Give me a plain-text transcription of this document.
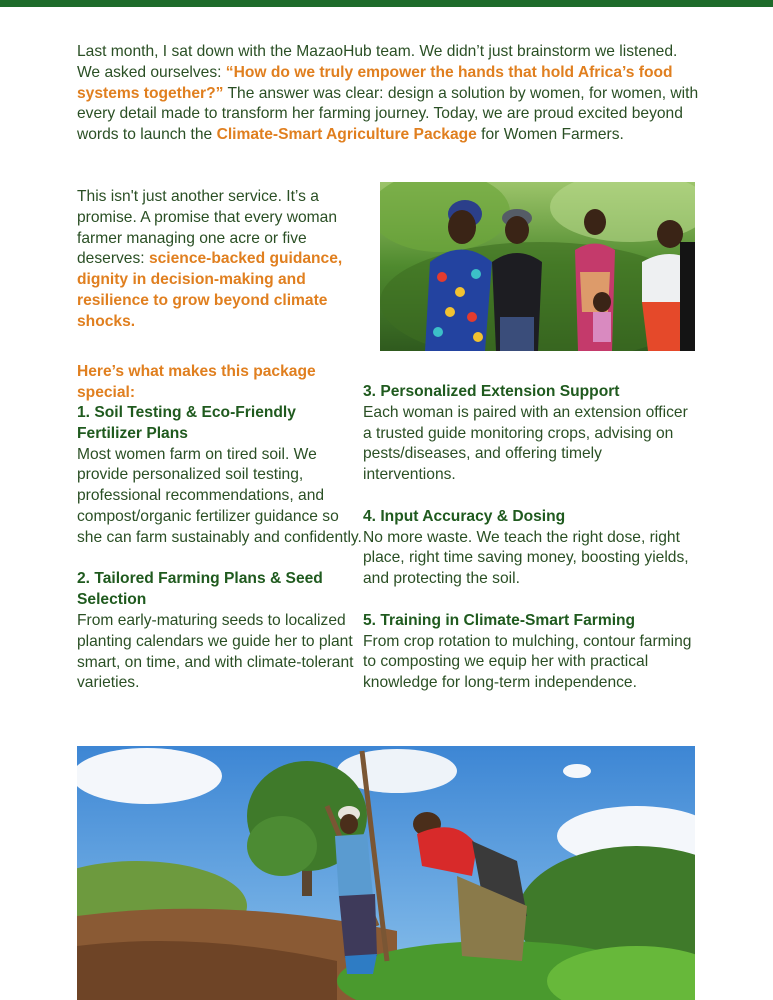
Last month, I sat down with the MazaoHub team. We didn’t just brainstorm we listened. We asked ourselves: “How do we truly empower the hands that hold Africa’s food systems together?” The answer was clear: design a solution by women, for women, with every detail made to transform her farming journey. Today, we are proud excited beyond words to launch the Climate-Smart Agriculture Package for Women Farmers.

This isn't just another service. It’s a promise. A promise that every woman farmer managing one acre or five deserves: science-backed guidance, dignity in decision-making and resilience to grow beyond climate shocks.

Here’s what makes this package special:

1. Soil Testing & Eco-Friendly Fertilizer Plans
Most women farm on tired soil. We provide personalized soil testing, professional recommendations, and compost/organic fertilizer guidance so she can farm sustainably and confidently.
2. Tailored Farming Plans & Seed Selection
From early-maturing seeds to localized planting calendars we guide her to plant smart, on time, and with climate-tolerant varieties.
3. Personalized Extension Support
Each woman is paired with an extension officer a trusted guide monitoring crops, advising on pests/diseases, and offering timely interventions.
4. Input Accuracy & Dosing
No more waste. We teach the right dose, right place, right time saving money, boosting yields, and protecting the soil.
5. Training in Climate-Smart Farming
From crop rotation to mulching, contour farming to composting we equip her with practical knowledge for long-term independence.
